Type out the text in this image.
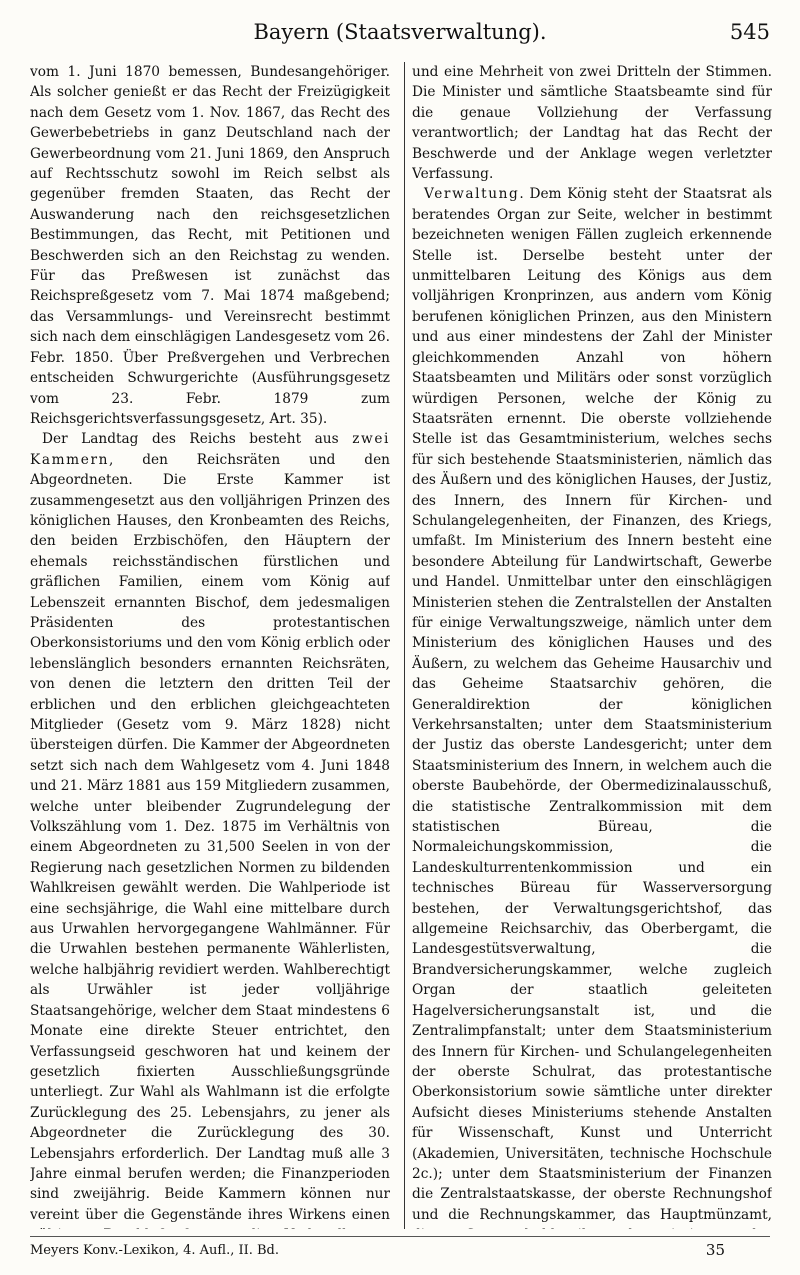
Bayern (Staatsverwaltung).	545

vom 1. Juni 1870 bemessen, Bundesangehöriger. Als solcher genießt er das Recht der Freizügigkeit nach dem Gesetz vom 1. Nov. 1867, das Recht des Gewerbebetriebs in ganz Deutschland nach der Gewerbeordnung vom 21. Juni 1869, den Anspruch auf Rechtsschutz sowohl im Reich selbst als gegenüber fremden Staaten, das Recht der Auswanderung nach den reichsgesetzlichen Bestimmungen, das Recht, mit Petitionen und Beschwerden sich an den Reichstag zu wenden. Für das Preßwesen ist zunächst das Reichspreßgesetz vom 7. Mai 1874 maßgebend; das Versammlungs- und Vereinsrecht bestimmt sich nach dem einschlägigen Landesgesetz vom 26. Febr. 1850. Über Preßvergehen und Verbrechen entscheiden Schwurgerichte (Ausführungsgesetz vom 23. Febr. 1879 zum Reichsgerichtsverfassungsgesetz, Art. 35).

Der Landtag des Reichs besteht aus zwei Kammern, den Reichsräten und den Abgeordneten. Die Erste Kammer ist zusammengesetzt aus den volljährigen Prinzen des königlichen Hauses, den Kronbeamten des Reichs, den beiden Erzbischöfen, den Häuptern der ehemals reichsständischen fürstlichen und gräflichen Familien, einem vom König auf Lebenszeit ernannten Bischof, dem jedesmaligen Präsidenten des protestantischen Oberkonsistoriums und den vom König erblich oder lebenslänglich besonders ernannten Reichsräten, von denen die letztern den dritten Teil der erblichen und den erblichen gleichgeachteten Mitglieder (Gesetz vom 9. März 1828) nicht übersteigen dürfen. Die Kammer der Abgeordneten setzt sich nach dem Wahlgesetz vom 4. Juni 1848 und 21. März 1881 aus 159 Mitgliedern zusammen, welche unter bleibender Zugrundelegung der Volkszählung vom 1. Dez. 1875 im Verhältnis von einem Abgeordneten zu 31,500 Seelen in von der Regierung nach gesetzlichen Normen zu bildenden Wahlkreisen gewählt werden. Die Wahlperiode ist eine sechsjährige, die Wahl eine mittelbare durch aus Urwahlen hervorgegangene Wahlmänner. Für die Urwahlen bestehen permanente Wählerlisten, welche halbjährig revidiert werden. Wahlberechtigt als Urwähler ist jeder volljährige Staatsangehörige, welcher dem Staat mindestens 6 Monate eine direkte Steuer entrichtet, den Verfassungseid geschworen hat und keinem der gesetzlich fixierten Ausschließungsgründe unterliegt. Zur Wahl als Wahlmann ist die erfolgte Zurücklegung des 25. Lebensjahrs, zu jener als Abgeordneter die Zurücklegung des 30. Lebensjahrs erforderlich. Der Landtag muß alle 3 Jahre einmal berufen werden; die Finanzperioden sind zweijährig. Beide Kammern können nur vereint über die Gegenstände ihres Wirkens einen

und eine Mehrheit von zwei Dritteln der Stimmen. Die Minister und sämtliche Staatsbeamte sind für die genaue Vollziehung der Verfassung verantwortlich; der Landtag hat das Recht der Beschwerde und der Anklage wegen verletzter Verfassung.

Verwaltung. Dem König steht der Staatsrat als beratendes Organ zur Seite, welcher in bestimmt bezeichneten wenigen Fällen zugleich erkennende Stelle ist. Derselbe besteht unter der unmittelbaren Leitung des Königs aus dem volljährigen Kronprinzen, aus andern vom König berufenen königlichen Prinzen, aus den Ministern und aus einer mindestens der Zahl der Minister gleichkommenden Anzahl von höhern Staatsbeamten und Militärs oder sonst vorzüglich würdigen Personen, welche der König zu Staatsräten ernennt. Die oberste vollziehende Stelle ist das Gesamtministerium, welches sechs für sich bestehende Staatsministerien, nämlich das des Äußern und des königlichen Hauses, der Justiz, des Innern, des Innern für Kirchen- und Schulangelegenheiten, der Finanzen, des Kriegs, umfaßt. Im Ministerium des Innern besteht eine besondere Abteilung für Landwirtschaft, Gewerbe und Handel. Unmittelbar unter den einschlägigen Ministerien stehen die Zentralstellen der Anstalten für einige Verwaltungszweige, nämlich unter dem Ministerium des königlichen Hauses und des Äußern, zu welchem das Geheime Hausarchiv und das Geheime Staatsarchiv gehören, die Generaldirektion der königlichen Verkehrsanstalten; unter dem Staatsministerium der Justiz das oberste Landesgericht; unter dem Staatsministerium des Innern, in welchem auch die oberste Baubehörde, der Obermedizinalausschuß, die statistische Zentralkommission mit dem statistischen Büreau, die Normaleichungskommission, die Landeskulturrentenkommission und ein technisches Büreau für Wasserversorgung bestehen, der Verwaltungsgerichtshof, das allgemeine Reichsarchiv, das Oberbergamt, die Landesgestütsverwaltung, die Brandversicherungskammer, welche zugleich Organ der staatlich geleiteten Hagelversicherungsanstalt ist, und die Zentralimpfanstalt; unter dem Staatsministerium des Innern für Kirchen- und Schulangelegenheiten der oberste Schulrat, das protestantische Oberkonsistorium sowie sämtliche unter direkter Aufsicht dieses Ministeriums stehende Anstalten für Wissenschaft, Kunst und Unterricht (Akademien, Universitäten, technische Hochschule 2c.); unter dem Staatsministerium der Finanzen die Zentralstaatskasse, der oberste Rechnungshof und die Rechnungskammer, das Hauptmünzamt,

Meyers Konv.-Lexikon, 4. Aufl., II. Bd.	35
